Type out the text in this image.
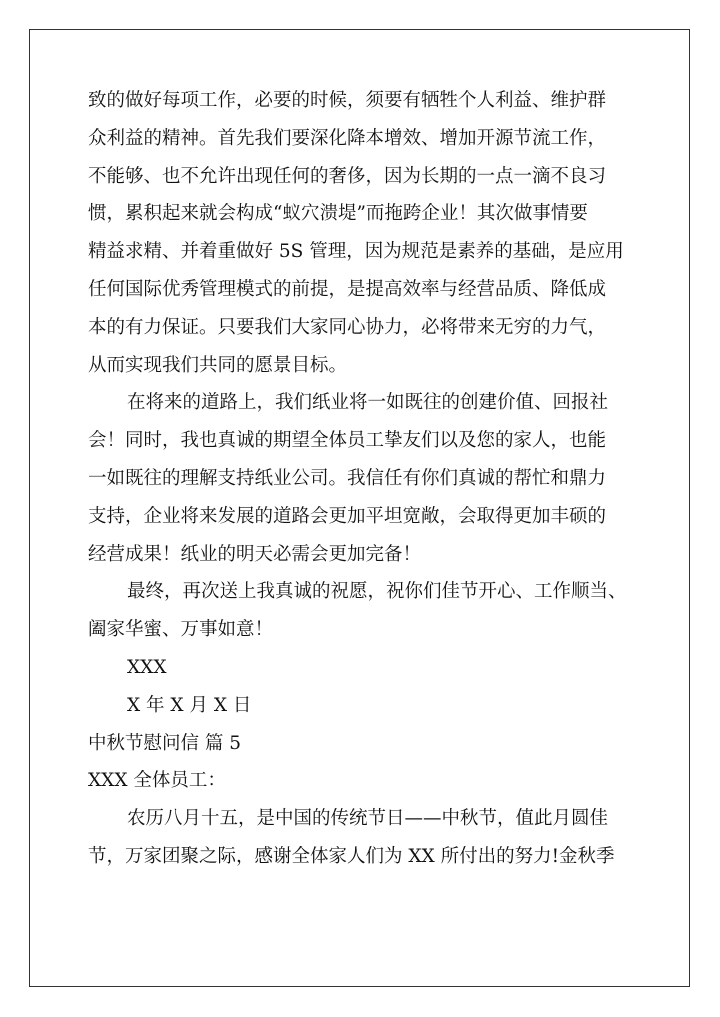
致的做好每项工作，必要的时候，须要有牺牲个人利益、维护群
众利益的精神。首先我们要深化降本增效、增加开源节流工作，
不能够、也不允许出现任何的奢侈，因为长期的一点一滴不良习
惯，累积起来就会构成“蚁穴溃堤”而拖跨企业！其次做事情要
精益求精、并着重做好 5S 管理，因为规范是素养的基础，是应用
任何国际优秀管理模式的前提，是提高效率与经营品质、降低成
本的有力保证。只要我们大家同心协力，必将带来无穷的力气，
从而实现我们共同的愿景目标。
在将来的道路上，我们纸业将一如既往的创建价值、回报社
会！同时，我也真诚的期望全体员工挚友们以及您的家人，也能
一如既往的理解支持纸业公司。我信任有你们真诚的帮忙和鼎力
支持，企业将来发展的道路会更加平坦宽敞，会取得更加丰硕的
经营成果！纸业的明天必需会更加完备！
最终，再次送上我真诚的祝愿，祝你们佳节开心、工作顺当、
阖家华蜜、万事如意！
XXX
X 年 X 月 X 日
中秋节慰问信 篇 5
XXX 全体员工：
农历八月十五，是中国的传统节日——中秋节，值此月圆佳
节，万家团聚之际，感谢全体家人们为 XX 所付出的努力!金秋季
